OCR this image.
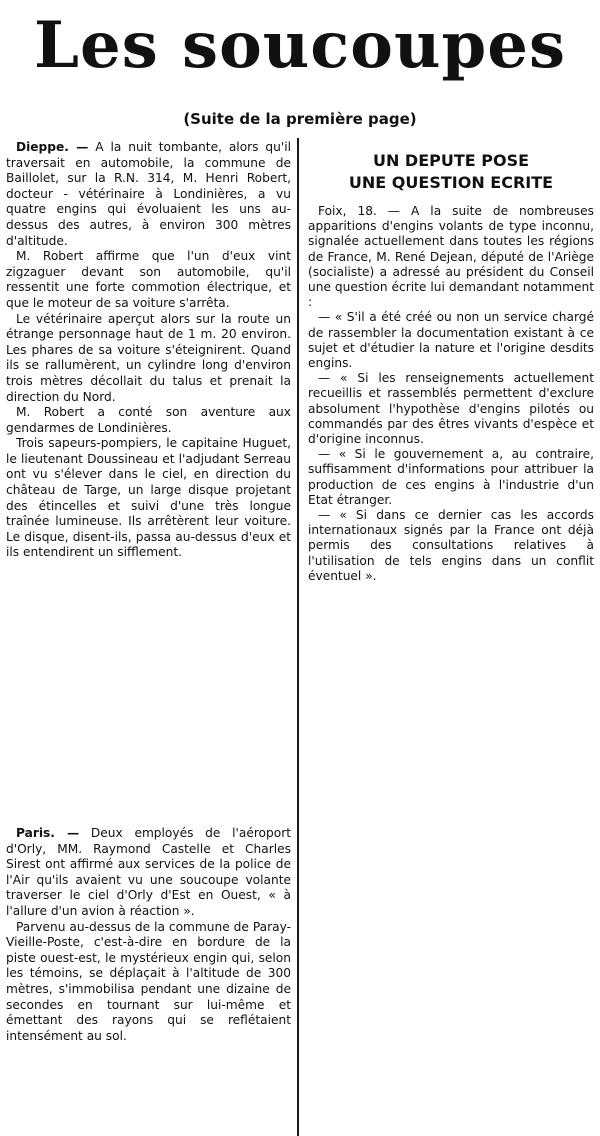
Les soucoupes
(Suite de la première page)

Dieppe. — A la nuit tombante, alors qu'il traversait en automobile, la commune de Baillolet, sur la R.N. 314, M. Henri Robert, docteur - vétérinaire à Londinières, a vu quatre engins qui évoluaient les uns au-dessus des autres, à environ 300 mètres d'altitude.

M. Robert affirme que l'un d'eux vint zigzaguer devant son automobile, qu'il ressentit une forte commotion électrique, et que le moteur de sa voiture s'arrêta.

Le vétérinaire aperçut alors sur la route un étrange personnage haut de 1 m. 20 environ. Les phares de sa voiture s'éteignirent. Quand ils se rallumèrent, un cylindre long d'environ trois mètres décollait du talus et prenait la direction du Nord.

M. Robert a conté son aventure aux gendarmes de Londinières.

Trois sapeurs-pompiers, le capitaine Huguet, le lieutenant Doussineau et l'adjudant Serreau ont vu s'élever dans le ciel, en direction du château de Targe, un large disque projetant des étincelles et suivi d'une très longue traînée lumineuse. Ils arrêtèrent leur voiture. Le disque, disent-ils, passa au-dessus d'eux et ils entendirent un sifflement.

Paris. — Deux employés de l'aéroport d'Orly, MM. Raymond Castelle et Charles Sirest ont affirmé aux services de la police de l'Air qu'ils avaient vu une soucoupe volante traverser le ciel d'Orly d'Est en Ouest, « à l'allure d'un avion à réaction ».

Parvenu au-dessus de la commune de Paray-Vieille-Poste, c'est-à-dire en bordure de la piste ouest-est, le mystérieux engin qui, selon les témoins, se déplaçait à l'altitude de 300 mètres, s'immobilisa pendant une dizaine de secondes en tournant sur lui-même et émettant des rayons qui se reflétaient intensément au sol.

UN DEPUTE POSE
UNE QUESTION ECRITE

Foix, 18. — A la suite de nombreuses apparitions d'engins volants de type inconnu, signalée actuellement dans toutes les régions de France, M. René Dejean, député de l'Ariège (socialiste) a adressé au président du Conseil une question écrite lui demandant notamment :

— « S'il a été créé ou non un service chargé de rassembler la documentation existant à ce sujet et d'étudier la nature et l'origine desdits engins.

— « Si les renseignements actuellement recueillis et rassemblés permettent d'exclure absolument l'hypothèse d'engins pilotés ou commandés par des êtres vivants d'espèce et d'origine inconnus.

— « Si le gouvernement a, au contraire, suffisamment d'informations pour attribuer la production de ces engins à l'industrie d'un Etat étranger.

— « Si dans ce dernier cas les accords internationaux signés par la France ont déjà permis des consultations relatives à l'utilisation de tels engins dans un conflit éventuel ».
